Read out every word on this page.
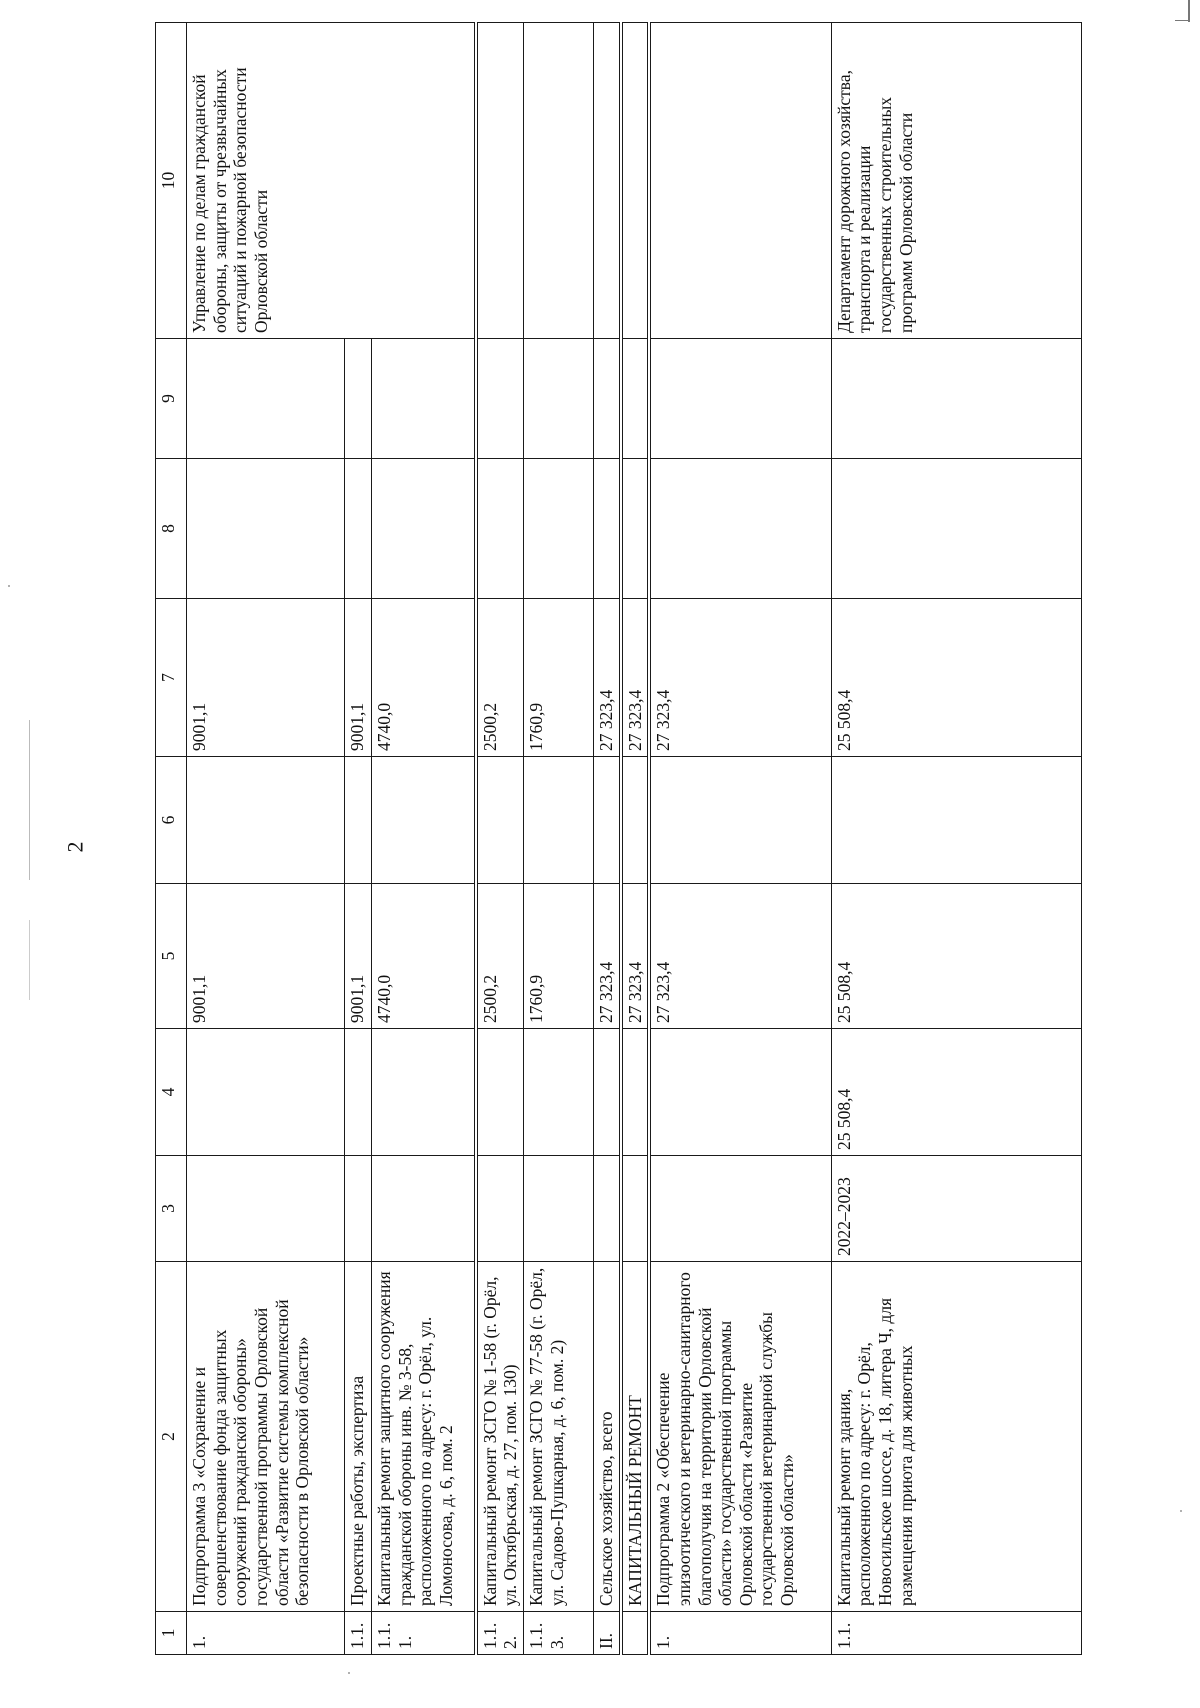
2
1	2	3	4	5	6	7	8	9	10
1.	Подпрограмма 3 «Сохранение и совершенствование фонда защитных сооружений гражданской обороны» государственной программы Орловской области «Развитие системы комплексной безопасности в Орловской области»			9001,1		9001,1			Управление по делам гражданской обороны, защиты от чрезвычайных ситуаций и пожарной безопасности Орловской области
1.1.	Проектные работы, экспертиза			9001,1		9001,1			
1.1.1.	Капитальный ремонт защитного сооружения гражданской обороны инв. № 3-58, расположенного по адресу: г. Орёл, ул. Ломоносова, д. 6, пом. 2			4740,0		4740,0			
1.1.2.	Капитальный ремонт ЗСГО № 1-58 (г. Орёл, ул. Октябрьская, д. 27, пом. 130)			2500,2		2500,2			
1.1.3.	Капитальный ремонт ЗСГО № 77-58 (г. Орёл, ул. Садово-Пушкарная, д. 6, пом. 2)			1760,9		1760,9			
II.	Сельское хозяйство, всего			27 323,4		27 323,4			
	КАПИТАЛЬНЫЙ РЕМОНТ			27 323,4		27 323,4			
1.	Подпрограмма 2 «Обеспечение эпизоотического и ветеринарно-санитарного благополучия на территории Орловской области» государственной программы Орловской области «Развитие государственной ветеринарной службы Орловской области»			27 323,4		27 323,4			
1.1.	Капитальный ремонт здания, расположенного по адресу: г. Орёл, Новосильское шоссе, д. 18, литера Ч, для размещения приюта для животных	2022–2023	25 508,4	25 508,4		25 508,4			Департамент дорожного хозяйства, транспорта и реализации государственных строительных программ Орловской области
